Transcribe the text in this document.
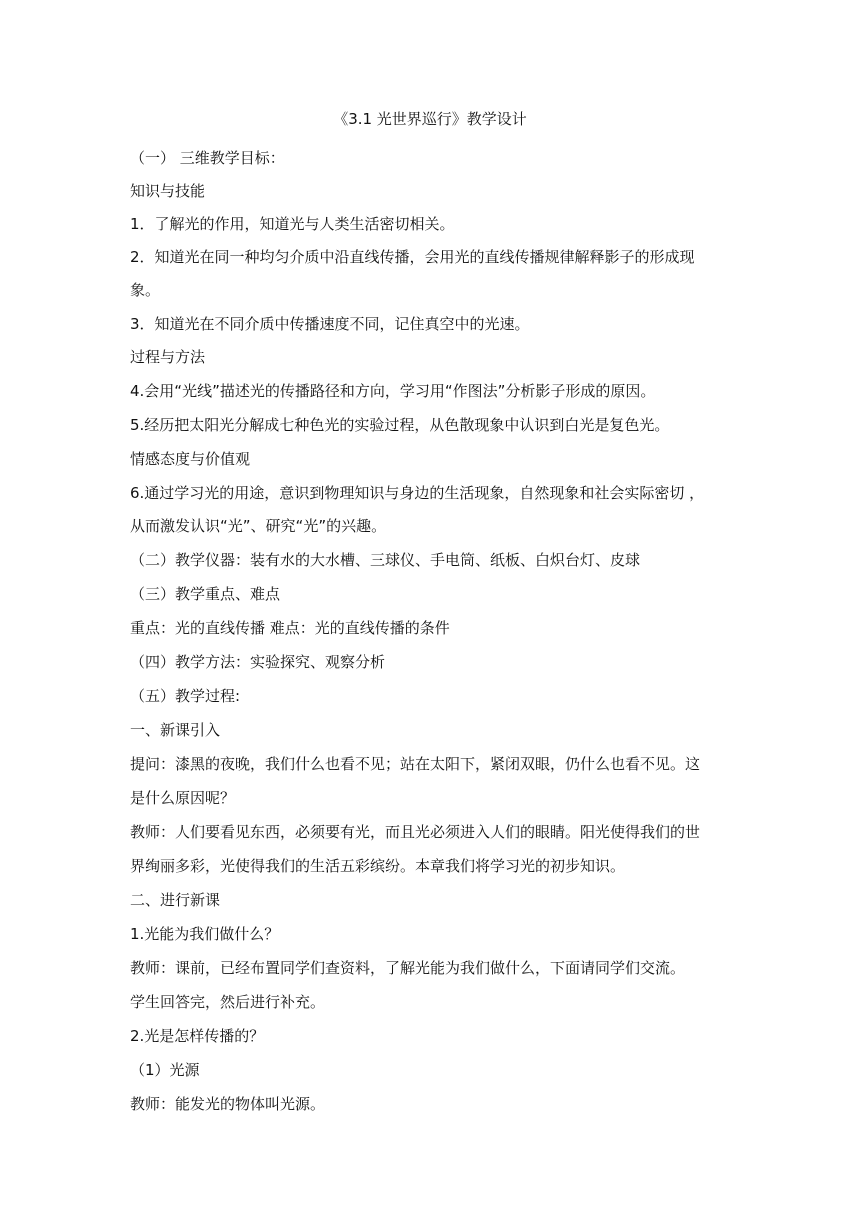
《3.1 光世界巡行》教学设计
（一） 三维教学目标：
知识与技能
1．了解光的作用，知道光与人类生活密切相关。
2．知道光在同一种均匀介质中沿直线传播，会用光的直线传播规律解释影子的形成现
象。
3．知道光在不同介质中传播速度不同，记住真空中的光速。
过程与方法
4.会用“光线”描述光的传播路径和方向，学习用“作图法”分析影子形成的原因。
5.经历把太阳光分解成七种色光的实验过程，从色散现象中认识到白光是复色光。
情感态度与价值观
6.通过学习光的用途，意识到物理知识与身边的生活现象，自然现象和社会实际密切 ，
从而激发认识“光”、研究“光”的兴趣。
（二）教学仪器：装有水的大水槽、三球仪、手电筒、纸板、白炽台灯、皮球
（三）教学重点、难点
重点：光的直线传播 难点：光的直线传播的条件
（四）教学方法：实验探究、观察分析
（五）教学过程:
一、新课引入
提问：漆黑的夜晚，我们什么也看不见；站在太阳下，紧闭双眼，仍什么也看不见。这
是什么原因呢？
教师：人们要看见东西，必须要有光，而且光必须进入人们的眼睛。阳光使得我们的世
界绚丽多彩，光使得我们的生活五彩缤纷。本章我们将学习光的初步知识。
二、进行新课
1.光能为我们做什么？
教师：课前，已经布置同学们查资料，了解光能为我们做什么，下面请同学们交流。
学生回答完，然后进行补充。
2.光是怎样传播的？
（1）光源
教师：能发光的物体叫光源。
